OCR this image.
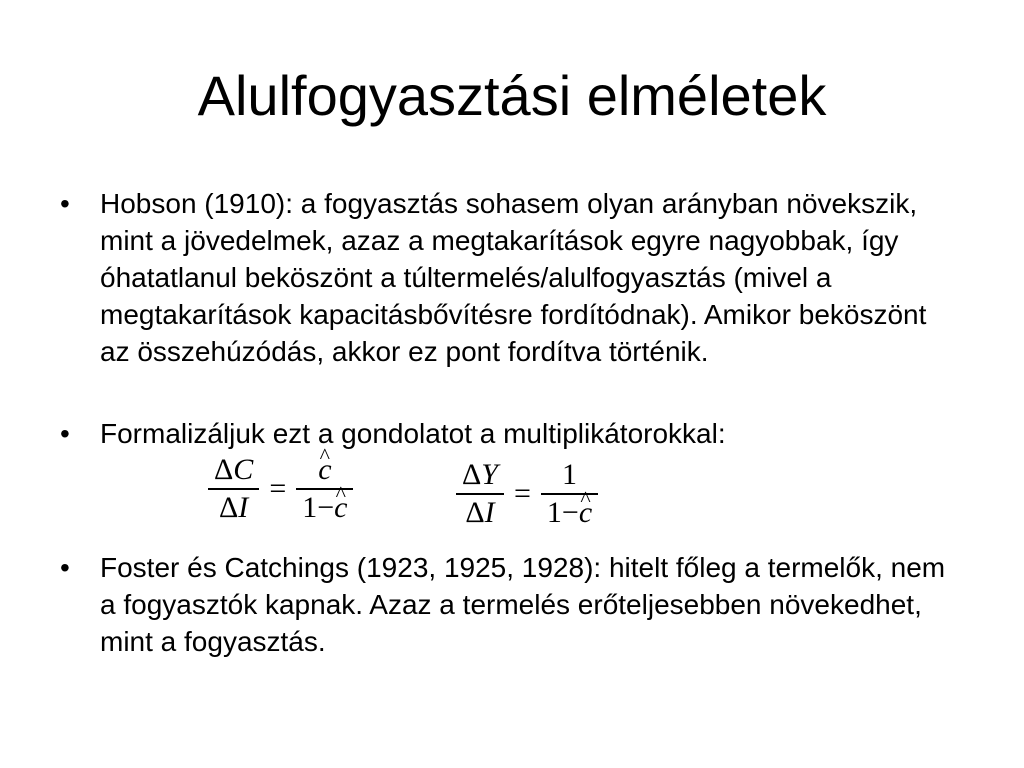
Alulfogyasztási elméletek
•	Hobson (1910): a fogyasztás sohasem olyan arányban növekszik, mint a jövedelmek, azaz a megtakarítások egyre nagyobbak, így óhatatlanul beköszönt a túltermelés/alulfogyasztás (mivel a megtakarítások kapacitásbővítésre fordítódnak). Amikor beköszönt az összehúzódás, akkor ez pont fordítva történik.
•	Formalizáljuk ezt a gondolatot a multiplikátorokkal:
$\frac{\Delta C}{\Delta I}$ =
^ $\frac{c}{1-\^{} c}$	$\frac{\Delta Y}{\Delta I} = \frac{1}{1-\^{} c}$
•	Foster és Catchings (1923, 1925, 1928): hitelt főleg a termelők, nem a fogyasztók kapnak. Azaz a termelés erőteljesebben növekedhet, mint a fogyasztás.
